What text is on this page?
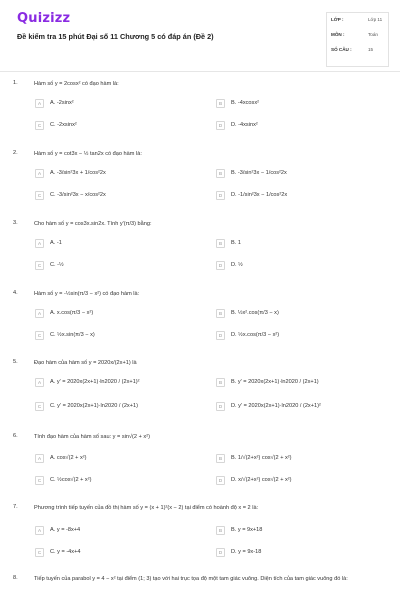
Quizizz
Đề kiểm tra 15 phút Đại số 11 Chương 5 có đáp án (Đề 2)
LỚP :	Lớp 11
MÔN :	Toán
SỐ CÂU :	15
1.	Hàm số y = 2cosx² có đạo hàm là:
A	A. -2sinx²	B	B. -4xcosx²
C	C. -2xsinx²	D	D. -4xsinx²
2.	Hàm số y = cot3x − ½ tan2x có đạo hàm là:
A	A. -3/sin²3x + 1/cos²2x	B	B. -3/sin²3x − 1/cos²2x
C	C. -3/sin²3x − x/cos²2x	D	D. -1/sin²3x − 1/cos²2x
3.	Cho hàm số y = cos3x.sin2x. Tính y'(π/3) bằng:
A	A. -1	B	B. 1
C	C. -½	D	D. ½
4.	Hàm số y = -½sin(π/3 − x²) có đạo hàm là:
A	A. x.cos(π/3 − x²)	B	B. ½x².cos(π/3 − x)
C	C. ½x.sin(π/3 − x)	D	D. ½x.cos(π/3 − x²)
5.	Đạo hàm của hàm số y = 2020x/(2x+1) là
A	A. y' = 2020x(2x+1)·ln2020 / (2x+1)²	B	B. y' = 2020x(2x+1)·ln2020 / (2x+1)
C	C. y' = 2020x(2x+1)·ln2020 / (2x+1)	D	D. y' = 2020x(2x+1)·ln2020 / (2x+1)²
6.	Tính đạo hàm của hàm số sau: y = sin√(2 + x²)
A	A. cos√(2 + x²)	B	B. 1/√(2+x²) cos√(2 + x²)
C	C. ½cos√(2 + x²)	D	D. x/√(2+x²) cos√(2 + x²)
7.	Phương trình tiếp tuyến của đồ thị hàm số y = (x + 1)²(x − 2) tại điểm có hoành độ x = 2 là:
A	A. y = -8x+4	B	B. y = 9x+18
C	C. y = -4x+4	D	D. y = 9x-18
8.	Tiếp tuyến của parabol y = 4 − x² tại điểm (1; 3) tạo với hai trục tọa độ một tam giác vuông. Diện tích của tam giác vuông đó là:
